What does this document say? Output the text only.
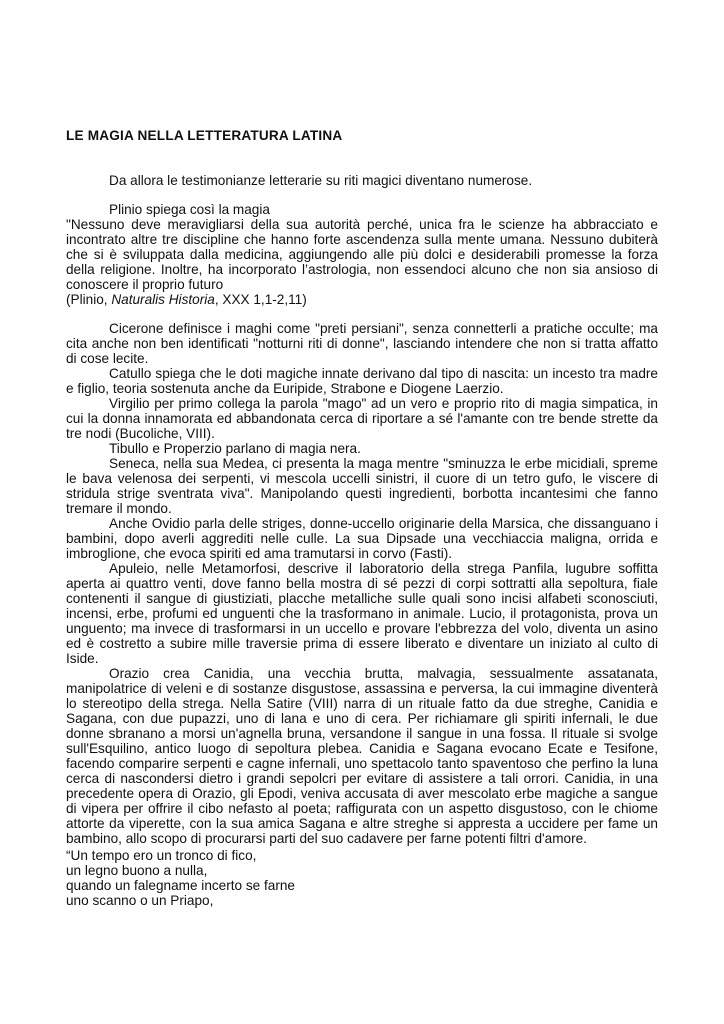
LE MAGIA NELLA LETTERATURA LATINA

Da allora le testimonianze letterarie su riti magici diventano numerose.

Plinio spiega così la magia

"Nessuno deve meravigliarsi della sua autorità perché, unica fra le scienze ha abbracciato e incontrato altre tre discipline che hanno forte ascendenza sulla mente umana. Nessuno dubiterà che si è sviluppata dalla medicina, aggiungendo alle più dolci e desiderabili promesse la forza della religione. Inoltre, ha incorporato l’astrologia, non essendoci alcuno che non sia ansioso di conoscere il proprio futuro

(Plinio, Naturalis Historia, XXX 1,1-2,11)

Cicerone definisce i maghi come "preti persiani", senza connetterli a pratiche occulte; ma cita anche non ben identificati "notturni riti di donne", lasciando intendere che non si tratta affatto di cose lecite.

Catullo spiega che le doti magiche innate derivano dal tipo di nascita: un incesto tra madre e figlio, teoria sostenuta anche da Euripide, Strabone e Diogene Laerzio.

Virgilio per primo collega la parola "mago" ad un vero e proprio rito di magia simpatica, in cui la donna innamorata ed abbandonata cerca di riportare a sé l'amante con tre bende strette da tre nodi (Bucoliche, VIII).

Tibullo e Properzio parlano di magia nera.

Seneca, nella sua Medea, ci presenta la maga mentre "sminuzza le erbe micidiali, spreme le bava velenosa dei serpenti, vi mescola uccelli sinistri, il cuore di un tetro gufo, le viscere di stridula strige sventrata viva". Manipolando questi ingredienti, borbotta incantesimi che fanno tremare il mondo.

Anche Ovidio parla delle striges, donne-uccello originarie della Marsica, che dissanguano i bambini, dopo averli aggrediti nelle culle. La sua Dipsade una vecchiaccia maligna, orrida e imbroglione, che evoca spiriti ed ama tramutarsi in corvo (Fasti).

Apuleio, nelle Metamorfosi, descrive il laboratorio della strega Panfila, lugubre soffitta aperta ai quattro venti, dove fanno bella mostra di sé pezzi di corpi sottratti alla sepoltura, fiale contenenti il sangue di giustiziati, placche metalliche sulle quali sono incisi alfabeti sconosciuti, incensi, erbe, profumi ed unguenti che la trasformano in animale. Lucio, il protagonista, prova un unguento; ma invece di trasformarsi in un uccello e provare l'ebbrezza del volo, diventa un asino ed è costretto a subire mille traversie prima di essere liberato e diventare un iniziato al culto di Iside.

Orazio crea Canidia, una vecchia brutta, malvagia, sessualmente assatanata, manipolatrice di veleni e di sostanze disgustose, assassina e perversa, la cui immagine diventerà lo stereotipo della strega. Nella Satire (VIII) narra di un rituale fatto da due streghe, Canidia e Sagana, con due pupazzi, uno di lana e uno di cera. Per richiamare gli spiriti infernali, le due donne sbranano a morsi un'agnella bruna, versandone il sangue in una fossa. Il rituale si svolge sull'Esquilino, antico luogo di sepoltura plebea. Canidia e Sagana evocano Ecate e Tesifone, facendo comparire serpenti e cagne infernali, uno spettacolo tanto spaventoso che perfino la luna cerca di nascondersi dietro i grandi sepolcri per evitare di assistere a tali orrori. Canidia, in una precedente opera di Orazio, gli Epodi, veniva accusata di aver mescolato erbe magiche a sangue di vipera per offrire il cibo nefasto al poeta; raffigurata con un aspetto disgustoso, con le chiome attorte da viperette, con la sua amica Sagana e altre streghe si appresta a uccidere per fame un bambino, allo scopo di procurarsi parti del suo cadavere per farne potenti filtri d'amore.

“Un tempo ero un tronco di fico,
un legno buono a nulla,
quando un falegname incerto se farne
uno scanno o un Priapo,
